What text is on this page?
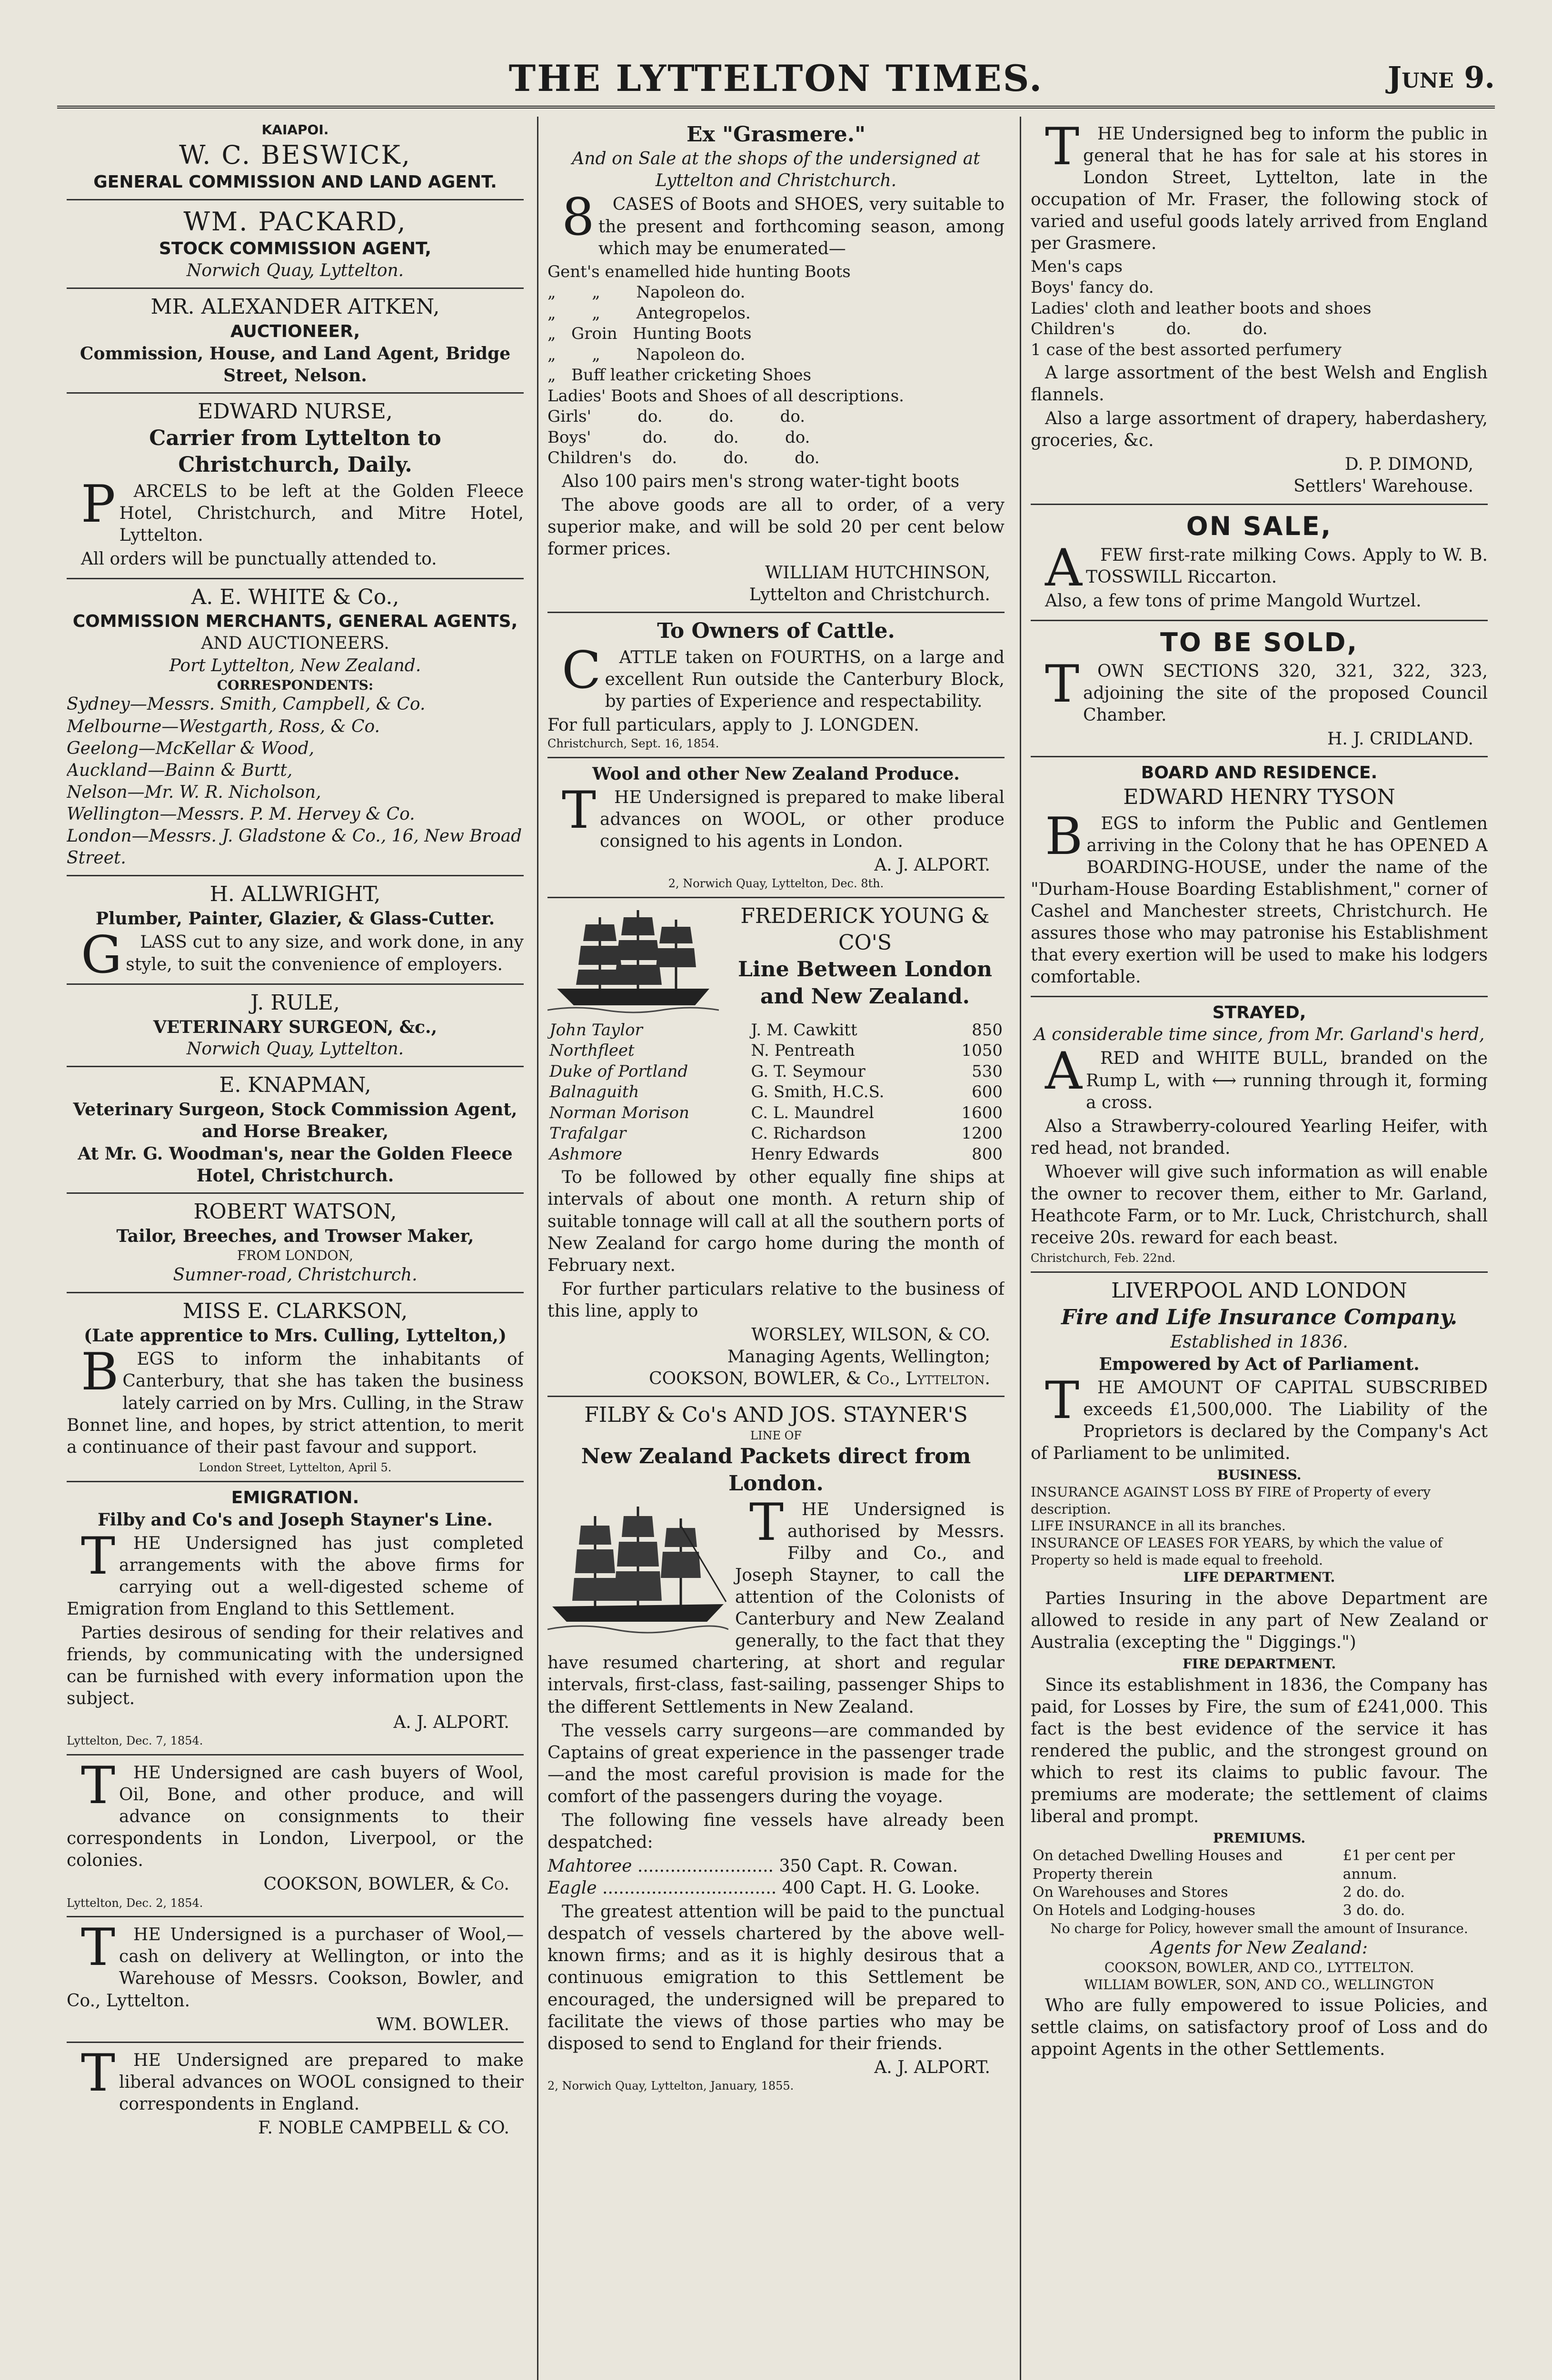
THE LYTTELTON TIMES.	June 9.
KAIAPOI.
W. C. BESWICK,
GENERAL COMMISSION AND LAND AGENT.
WM. PACKARD,
STOCK COMMISSION AGENT,
Norwich Quay, Lyttelton.
MR. ALEXANDER AITKEN,
AUCTIONEER,
Commission, House, and Land Agent, Bridge Street, Nelson.
EDWARD NURSE,
Carrier from Lyttelton to Christchurch, Daily.
PARCELS to be left at the Golden Fleece Hotel, Christchurch, and Mitre Hotel, Lyttelton.
All orders will be punctually attended to.
A. E. WHITE & Co.,
COMMISSION MERCHANTS, GENERAL AGENTS,
AND AUCTIONEERS.
Port Lyttelton, New Zealand.
CORRESPONDENTS:
Sydney—Messrs. Smith, Campbell, & Co.
Melbourne—Westgarth, Ross, & Co.
Geelong—McKellar & Wood,
Auckland—Bainn & Burtt,
Nelson—Mr. W. R. Nicholson,
Wellington—Messrs. P. M. Hervey & Co.
London—Messrs. J. Gladstone & Co., 16, New Broad Street.
H. ALLWRIGHT,
Plumber, Painter, Glazier, & Glass-Cutter.
GLASS cut to any size, and work done, in any style, to suit the convenience of employers.
J. RULE,
VETERINARY SURGEON, &c.,
Norwich Quay, Lyttelton.
E. KNAPMAN,
Veterinary Surgeon, Stock Commission Agent, and Horse Breaker,
At Mr. G. Woodman's, near the Golden Fleece Hotel, Christchurch.
ROBERT WATSON,
Tailor, Breeches, and Trowser Maker,
FROM LONDON,
Sumner-road, Christchurch.
MISS E. CLARKSON,
(Late apprentice to Mrs. Culling, Lyttelton,)
BEGS to inform the inhabitants of Canterbury, that she has taken the business lately carried on by Mrs. Culling, in the Straw Bonnet line, and hopes, by strict attention, to merit a continuance of their past favour and support.
London Street, Lyttelton, April 5.
EMIGRATION.
Filby and Co's and Joseph Stayner's Line.
THE Undersigned has just completed arrangements with the above firms for carrying out a well-digested scheme of Emigration from England to this Settlement.
Parties desirous of sending for their relatives and friends, by communicating with the undersigned can be furnished with every information upon the subject.
A. J. ALPORT.
Lyttelton, Dec. 7, 1854.
THE Undersigned are cash buyers of Wool, Oil, Bone, and other produce, and will advance on consignments to their correspondents in London, Liverpool, or the colonies.
COOKSON, BOWLER, & Co.
Lyttelton, Dec. 2, 1854.
THE Undersigned is a purchaser of Wool,—cash on delivery at Wellington, or into the Warehouse of Messrs. Cookson, Bowler, and Co., Lyttelton.
WM. BOWLER.
THE Undersigned are prepared to make liberal advances on WOOL consigned to their correspondents in England.
F. NOBLE CAMPBELL & CO.
Ex "Grasmere."
And on Sale at the shops of the undersigned at Lyttelton and Christchurch.
8CASES of Boots and SHOES, very suitable to the present and forthcoming season, among which may be enumerated—
Gent's enamelled hide hunting Boots
„       „       Napoleon do.
„       „       Antegropelos.
„   Groin   Hunting Boots
„       „       Napoleon do.
„   Buff leather cricketing Shoes
Ladies' Boots and Shoes of all descriptions.
Girls'         do.         do.         do.
Boys'          do.         do.         do.
Children's    do.         do.         do.
Also 100 pairs men's strong water-tight boots
The above goods are all to order, of a very superior make, and will be sold 20 per cent below former prices.
WILLIAM HUTCHINSON,
Lyttelton and Christchurch.
To Owners of Cattle.
CATTLE taken on FOURTHS, on a large and excellent Run outside the Canterbury Block, by parties of Experience and respectability.
For full particulars, apply to J. LONGDEN.
Christchurch, Sept. 16, 1854.
Wool and other New Zealand Produce.
THE Undersigned is prepared to make liberal advances on WOOL, or other produce consigned to his agents in London.
A. J. ALPORT.
2, Norwich Quay, Lyttelton, Dec. 8th.
FREDERICK YOUNG & CO'S
Line Between London and New Zealand.
John Taylor	J. M. Cawkitt	850
Northfleet	N. Pentreath	1050
Duke of Portland	G. T. Seymour	530
Balnaguith	G. Smith, H.C.S.	600
Norman Morison	C. L. Maundrel	1600
Trafalgar	C. Richardson	1200
Ashmore	Henry Edwards	800
To be followed by other equally fine ships at intervals of about one month. A return ship of suitable tonnage will call at all the southern ports of New Zealand for cargo home during the month of February next.
For further particulars relative to the business of this line, apply to
WORSLEY, WILSON, & CO.
Managing Agents, Wellington;
COOKSON, BOWLER, & Co., Lyttelton.
FILBY & Co's AND JOS. STAYNER'S
LINE OF
New Zealand Packets direct from London.
THE Undersigned is authorised by Messrs. Filby and Co., and Joseph Stayner, to call the attention of the Colonists of Canterbury and New Zealand generally, to the fact that they have resumed chartering, at short and regular intervals, first-class, fast-sailing, passenger Ships to the different Settlements in New Zealand.
The vessels carry surgeons—are commanded by Captains of great experience in the passenger trade—and the most careful provision is made for the comfort of the passengers during the voyage.
The following fine vessels have already been despatched:
Mahtoree ......................... 350 Capt. R. Cowan.
Eagle ................................ 400 Capt. H. G. Looke.
The greatest attention will be paid to the punctual despatch of vessels chartered by the above well-known firms; and as it is highly desirous that a continuous emigration to this Settlement be encouraged, the undersigned will be prepared to facilitate the views of those parties who may be disposed to send to England for their friends.
A. J. ALPORT.
2, Norwich Quay, Lyttelton, January, 1855.
THE Undersigned beg to inform the public in general that he has for sale at his stores in London Street, Lyttelton, late in the occupation of Mr. Fraser, the following stock of varied and useful goods lately arrived from England per Grasmere.
Men's caps
Boys' fancy do.
Ladies' cloth and leather boots and shoes
Children's          do.          do.
1 case of the best assorted perfumery
A large assortment of the best Welsh and English flannels.
Also a large assortment of drapery, haberdashery, groceries, &c.
D. P. DIMOND,
Settlers' Warehouse.
ON SALE,
AFEW first-rate milking Cows. Apply to W. B. TOSSWILL Riccarton.
Also, a few tons of prime Mangold Wurtzel.
TO BE SOLD,
TOWN SECTIONS 320, 321, 322, 323, adjoining the site of the proposed Council Chamber.
H. J. CRIDLAND.
BOARD AND RESIDENCE.
EDWARD HENRY TYSON
BEGS to inform the Public and Gentlemen arriving in the Colony that he has OPENED A BOARDING-HOUSE, under the name of the "Durham-House Boarding Establishment," corner of Cashel and Manchester streets, Christchurch. He assures those who may patronise his Establishment that every exertion will be used to make his lodgers comfortable.
STRAYED,
A considerable time since, from Mr. Garland's herd,
ARED and WHITE BULL, branded on the Rump L, with ⟷ running through it, forming a cross.
Also a Strawberry-coloured Yearling Heifer, with red head, not branded.
Whoever will give such information as will enable the owner to recover them, either to Mr. Garland, Heathcote Farm, or to Mr. Luck, Christchurch, shall receive 20s. reward for each beast.
Christchurch, Feb. 22nd.
LIVERPOOL AND LONDON
Fire and Life Insurance Company.
Established in 1836.
Empowered by Act of Parliament.
THE AMOUNT OF CAPITAL SUBSCRIBED exceeds £1,500,000. The Liability of the Proprietors is declared by the Company's Act of Parliament to be unlimited.
BUSINESS.
INSURANCE AGAINST LOSS BY FIRE of Property of every description.
LIFE INSURANCE in all its branches.
INSURANCE OF LEASES FOR YEARS, by which the value of Property so held is made equal to freehold.
LIFE DEPARTMENT.
Parties Insuring in the above Department are allowed to reside in any part of New Zealand or Australia (excepting the " Diggings.")
FIRE DEPARTMENT.
Since its establishment in 1836, the Company has paid, for Losses by Fire, the sum of £241,000. This fact is the best evidence of the service it has rendered the public, and the strongest ground on which to rest its claims to public favour. The premiums are moderate; the settlement of claims liberal and prompt.
PREMIUMS.
On detached Dwelling Houses and Property therein	£1 per cent per annum.
On Warehouses and Stores	2 do. do.
On Hotels and Lodging-houses	3 do. do.
No charge for Policy, however small the amount of Insurance.
Agents for New Zealand:
COOKSON, BOWLER, AND CO., LYTTELTON.
WILLIAM BOWLER, SON, AND CO., WELLINGTON
Who are fully empowered to issue Policies, and settle claims, on satisfactory proof of Loss and do appoint Agents in the other Settlements.
